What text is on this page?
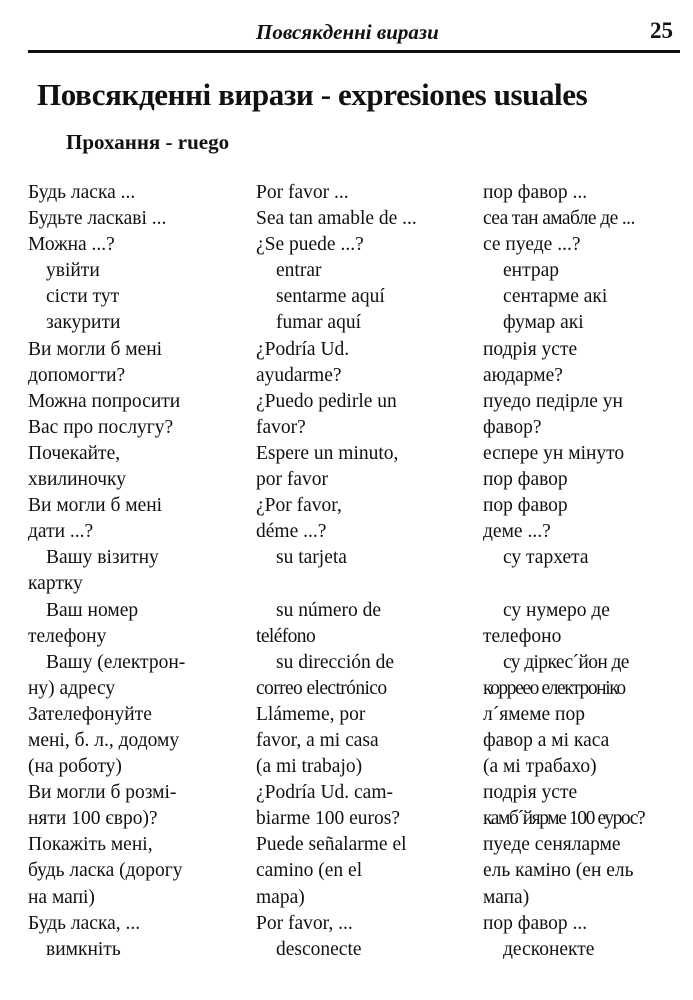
Повсякденні вирази	25
Повсякденні вирази - expresiones usuales
Прохання - ruego
Будь ласка ...	Por favor ...	пор фавор ...
Будьте ласкаві ...	Sea tan amable de ...	сеа тан амабле де ...
Можна ...?	¿Se puede ...?	се пуеде ...?
увійти	entrar	ентрар
сісти тут	sentarme aquí	сентарме акі
закурити	fumar aquí	фумар акі
Ви могли б мені	¿Podría Ud.	подрія усте
допомогти?	ayudarme?	аюдарме?
Можна попросити	¿Puedo pedirle un	пуедо педірле ун
Вас про послугу?	favor?	фавор?
Почекайте,	Espere un minuto,	еспере ун мінуто
хвилиночку	por favor	пор фавор
Ви могли б мені	¿Por favor,	пор фавор
дати ...?	déme ...?	деме ...?
Вашу візитну	su tarjeta	су тархета
картку		
Ваш номер	su número de	су нумеро де
телефону	teléfono	телефоно
Вашу (електрон-	su dirección de	су діркес´йон де
ну) адресу	correo electrónico	корреео електроніко
Зателефонуйте	Llámeme, por	л´ямеме пор
мені, б. л., додому	favor, a mi casa	фавор а мі каса
(на роботу)	(a mi trabajo)	(а мі трабахо)
Ви могли б розмі-	¿Podría Ud. cam-	подрія усте
няти 100 євро)?	biarme 100 euros?	камб´йярме 100 еурос?
Покажіть мені,	Puede señalarme el	пуеде сеняларме
будь ласка (дорогу	camino (en el	ель каміно (ен ель
на мапі)	mapa)	мапа)
Будь ласка, ...	Por favor, ...	пор фавор ...
вимкніть	desconecte	десконекте
